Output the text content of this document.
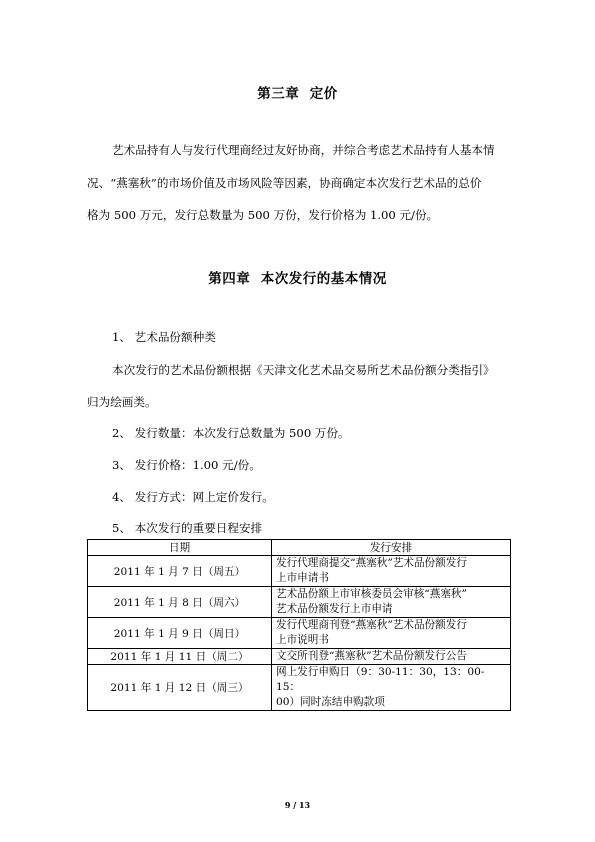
第三章  定价
艺术品持有人与发行代理商经过友好协商，并综合考虑艺术品持有人基本情
况、“燕塞秋”的市场价值及市场风险等因素，协商确定本次发行艺术品的总价
格为 500 万元，发行总数量为 500 万份，发行价格为 1.00 元/份。
第四章  本次发行的基本情况
1、 艺术品份额种类
本次发行的艺术品份额根据《天津文化艺术品交易所艺术品份额分类指引》
归为绘画类。
2、 发行数量：本次发行总数量为 500 万份。
3、 发行价格：1.00 元/份。
4、 发行方式：网上定价发行。
5、 本次发行的重要日程安排
日期	发行安排
2011 年 1 月 7 日（周五）	发行代理商提交“燕塞秋”艺术品份额发行
上市申请书

2011 年 1 月 8 日（周六）	艺术品份额上市审核委员会审核“燕塞秋”
艺术品份额发行上市申请

2011 年 1 月 9 日（周日）	发行代理商刊登“燕塞秋”艺术品份额发行
上市说明书

2011 年 1 月 11 日（周二）	文交所刊登“燕塞秋”艺术品份额发行公告

2011 年 1 月 12 日（周三）	网上发行申购日（9：30-11：30，13：00-15：
00）同时冻结申购款项
9 / 13
